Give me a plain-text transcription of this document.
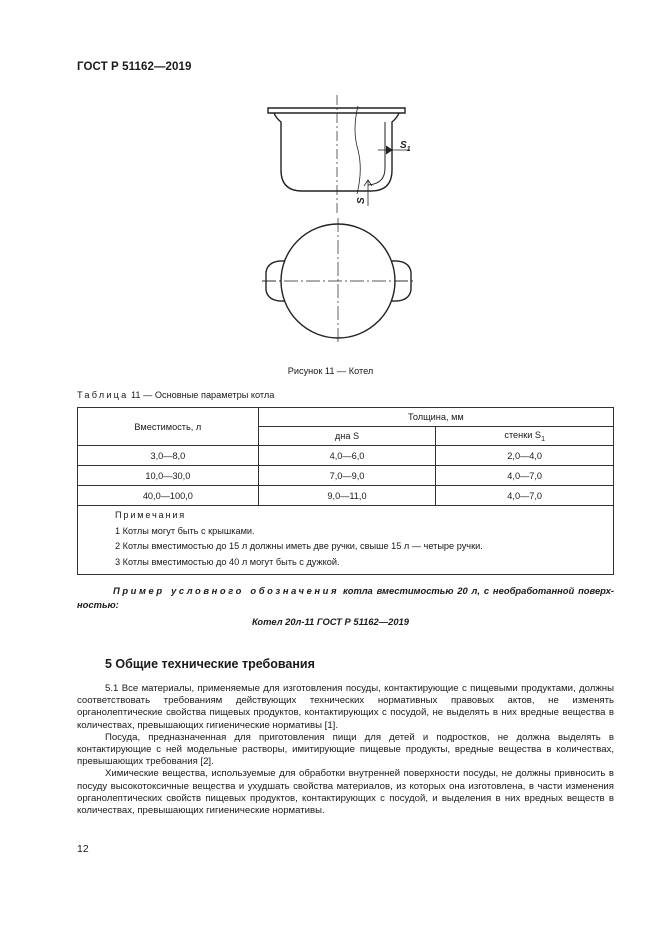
ГОСТ Р 51162—2019
$S_1$
S
Рисунок 11 — Котел
Таблица 11 — Основные параметры котла
Вместимость, л	Толщина, мм	
	дна S	стенки $S_1$
3,0—8,0	4,0—6,0	2,0—4,0
10,0—30,0	7,0—9,0	4,0—7,0
40,0—100,0	9,0—11,0	4,0—7,0

Примечания
1 Котлы могут быть с крышками.
2 Котлы вместимостью до 15 л должны иметь две ручки, свыше 15 л — четыре ручки.
3 Котлы вместимостью до 40 л могут быть с дужкой.		
Пример условного обозначения котла вместимостью 20 л, с необработанной поверхностью:
Котел 20л-11 ГОСТ Р 51162—2019
5 Общие технические требования

5.1 Все материалы, применяемые для изготовления посуды, контактирующие с пищевыми продуктами, должны соответствовать требованиям действующих технических нормативных правовых актов, не изменять органолептические свойства пищевых продуктов, контактирующих с посудой, не выделять в них вредные вещества в количествах, превышающих гигиенические нормативы [1].

Посуда, предназначенная для приготовления пищи для детей и подростков, не должна выделять в контактирующие с ней модельные растворы, имитирующие пищевые продукты, вредные вещества в количествах, превышающих требования [2].

Химические вещества, используемые для обработки внутренней поверхности посуды, не должны привносить в посуду высокотоксичные вещества и ухудшать свойства материалов, из которых она изготовлена, в части изменения органолептических свойств пищевых продуктов, контактирующих с посудой, и выделения в них вредных веществ в количествах, превышающих гигиенические нормативы.

12
